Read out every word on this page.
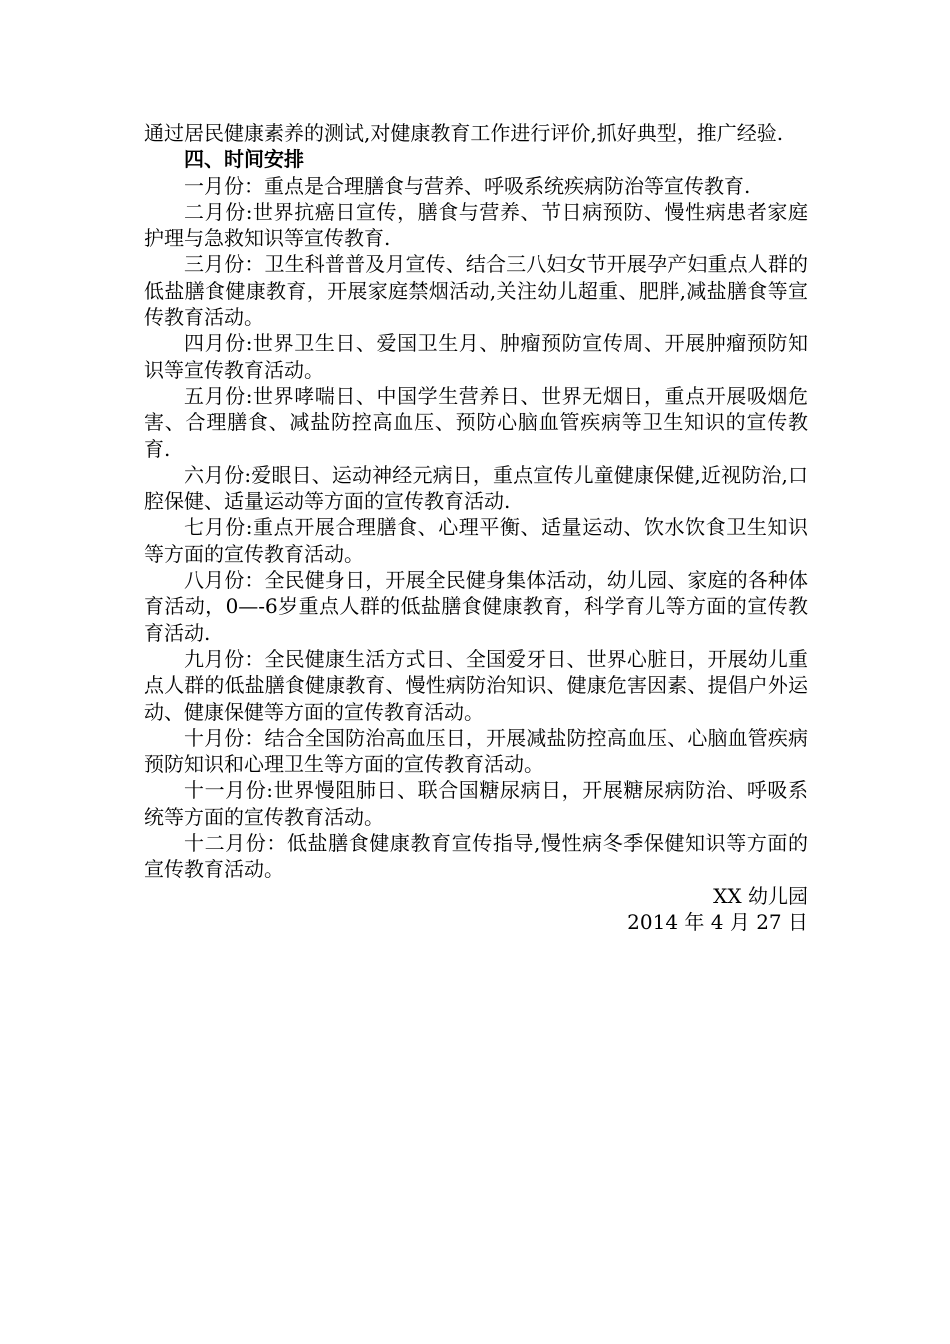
通过居民健康素养的测试,对健康教育工作进行评价,抓好典型，推广经验.

四、时间安排

一月份：重点是合理膳食与营养、呼吸系统疾病防治等宣传教育.

二月份:世界抗癌日宣传，膳食与营养、节日病预防、慢性病患者家庭护理与急救知识等宣传教育.

三月份：卫生科普普及月宣传、结合三八妇女节开展孕产妇重点人群的低盐膳食健康教育，开展家庭禁烟活动,关注幼儿超重、肥胖,减盐膳食等宣传教育活动。

四月份:世界卫生日、爱国卫生月、肿瘤预防宣传周、开展肿瘤预防知识等宣传教育活动。

五月份:世界哮喘日、中国学生营养日、世界无烟日，重点开展吸烟危害、合理膳食、减盐防控高血压、预防心脑血管疾病等卫生知识的宣传教育.

六月份:爱眼日、运动神经元病日，重点宣传儿童健康保健,近视防治,口腔保健、适量运动等方面的宣传教育活动.

七月份:重点开展合理膳食、心理平衡、适量运动、饮水饮食卫生知识等方面的宣传教育活动。

八月份：全民健身日，开展全民健身集体活动，幼儿园、家庭的各种体育活动，0—-6岁重点人群的低盐膳食健康教育，科学育儿等方面的宣传教育活动.

九月份：全民健康生活方式日、全国爱牙日、世界心脏日，开展幼儿重点人群的低盐膳食健康教育、慢性病防治知识、健康危害因素、提倡户外运动、健康保健等方面的宣传教育活动。

十月份：结合全国防治高血压日，开展减盐防控高血压、心脑血管疾病预防知识和心理卫生等方面的宣传教育活动。

十一月份:世界慢阻肺日、联合国糖尿病日，开展糖尿病防治、呼吸系统等方面的宣传教育活动。

十二月份：低盐膳食健康教育宣传指导,慢性病冬季保健知识等方面的宣传教育活动。

XX 幼儿园

2014 年 4 月 27 日
